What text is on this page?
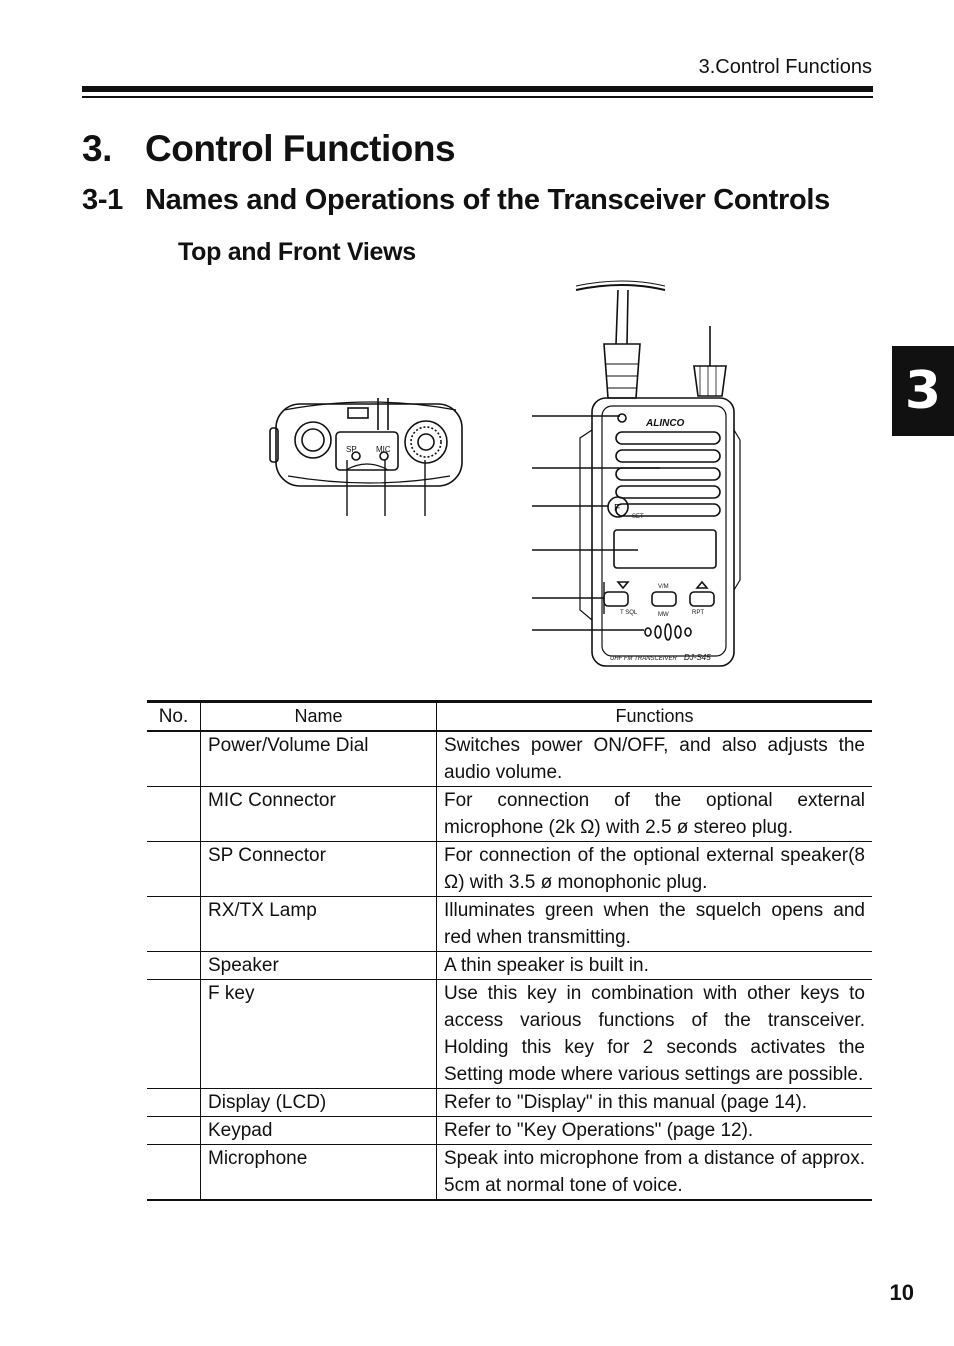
3.Control Functions
3
3. Control Functions
3-1 Names and Operations of the Transceiver Controls
Top and Front Views
SP MIC
ALINCO
F
SET
V/M
T SQL	MW	RPT
UHF FM TRANSCEIVER DJ-S45
No.	Name	Functions
	Power/Volume Dial	Switches power ON/OFF, and also adjusts the audio volume.
	MIC Connector	For connection of the optional external microphone (2k Ω) with 2.5 ø stereo plug.
	SP Connector	For connection of the optional external speaker(8 Ω) with 3.5 ø monophonic plug.
	RX/TX Lamp	Illuminates green when the squelch opens and red when transmitting.
	Speaker	A thin speaker is built in.
	F key	Use this key in combination with other keys to access various functions of the transceiver. Holding this key for 2 seconds activates the Setting mode where various settings are possible.
	Display (LCD)	Refer to "Display" in this manual (page 14).
	Keypad	Refer to "Key Operations" (page 12).
	Microphone	Speak into microphone from a distance of approx. 5cm at normal tone of voice.
10
